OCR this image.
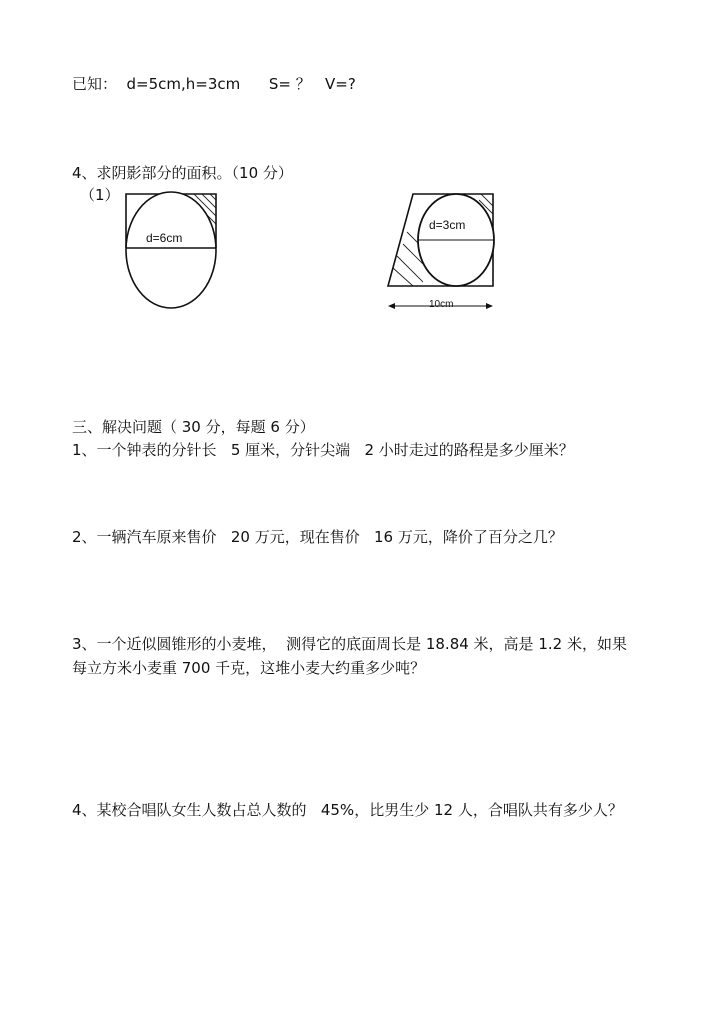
已知：  d=5cm,h=3cm      S= ？   V=?
4、求阴影部分的面积。（10 分）
（1）
d=6cm
d=3cm
10cm
三、解决问题（ 30 分，每题 6 分）
1、一个钟表的分针长   5 厘米，分针尖端   2 小时走过的路程是多少厘米？
2、一辆汽车原来售价   20 万元，现在售价   16 万元，降价了百分之几？
3、一个近似圆锥形的小麦堆，  测得它的底面周长是 18.84 米，高是 1.2 米，如果
每立方米小麦重 700 千克，这堆小麦大约重多少吨？
4、某校合唱队女生人数占总人数的   45%，比男生少 12 人，合唱队共有多少人？
